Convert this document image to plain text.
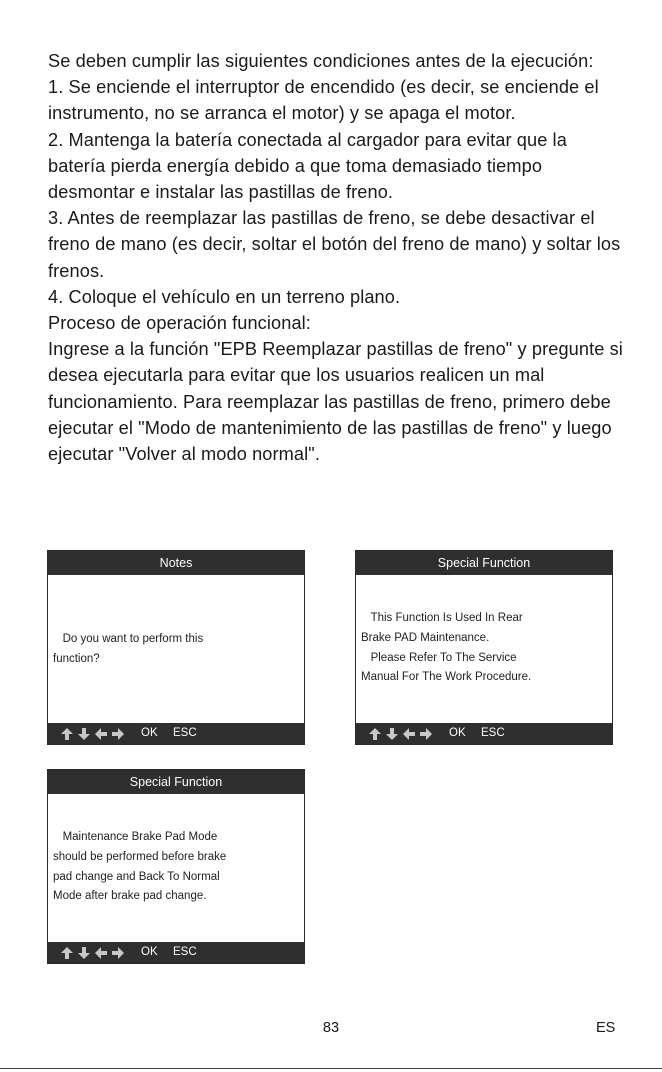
Se deben cumplir las siguientes condiciones antes de la ejecución:

1. Se enciende el interruptor de encendido (es decir, se enciende el instrumento, no se arranca el motor) y se apaga el motor.

2. Mantenga la batería conectada al cargador para evitar que la batería pierda energía debido a que toma demasiado tiempo desmontar e instalar las pastillas de freno.

3. Antes de reemplazar las pastillas de freno, se debe desactivar el freno de mano (es decir, soltar el botón del freno de mano) y soltar los frenos.

4. Coloque el vehículo en un terreno plano.

Proceso de operación funcional:

Ingrese a la función "EPB Reemplazar pastillas de freno" y pregunte si desea ejecutarla para evitar que los usuarios realicen un mal funcionamiento. Para reemplazar las pastillas de freno, primero debe ejecutar el "Modo de mantenimiento de las pastillas de freno" y luego ejecutar "Volver al modo normal".

Notes

Do you want to perform this

function?

OK ESC
Special Function

This Function Is Used In Rear

Brake PAD Maintenance.

Please Refer To The Service

Manual For The Work Procedure.

OK ESC
Special Function

Maintenance Brake Pad Mode

should be performed before brake

pad change and Back To Normal

Mode after brake pad change.

OK ESC
83	ES
